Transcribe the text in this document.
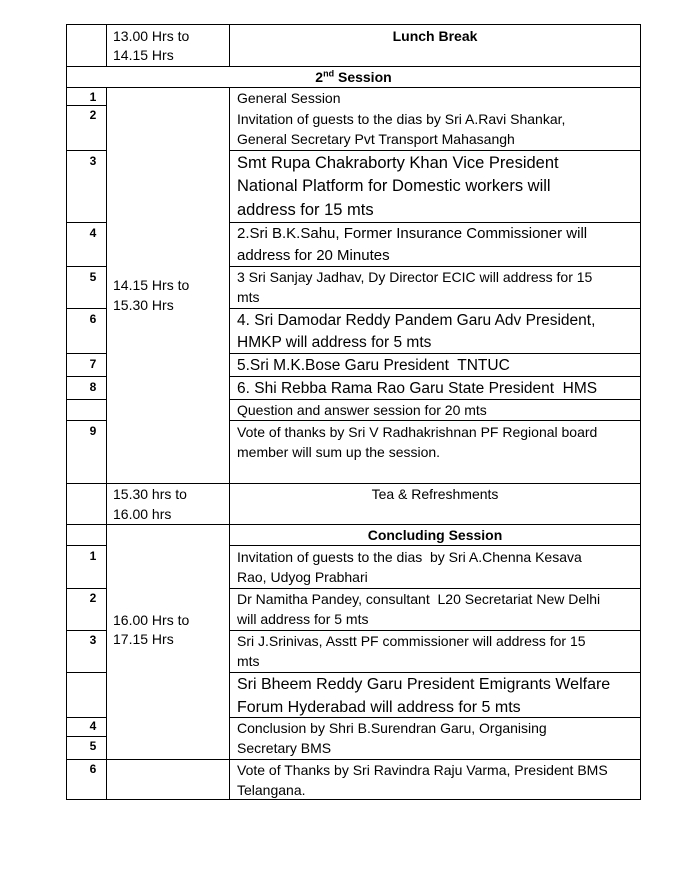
13.00 Hrs to
14.15 Hrs
Lunch Break
2nd Session
14.15 Hrs to
15.30 Hrs
1
2
3
4
5
6
7
8
9
General Session
Invitation of guests to the dias by Sri A.Ravi Shankar,
General Secretary Pvt Transport Mahasangh
Smt Rupa Chakraborty Khan Vice President
National Platform for Domestic workers will
address for 15 mts
2.Sri B.K.Sahu, Former Insurance Commissioner will
address for 20 Minutes
3 Sri Sanjay Jadhav, Dy Director ECIC will address for 15
mts
4. Sri Damodar Reddy Pandem Garu Adv President,
HMKP will address for 5 mts
5.Sri M.K.Bose Garu President  TNTUC
6. Shi Rebba Rama Rao Garu State President  HMS
Question and answer session for 20 mts
Vote of thanks by Sri V Radhakrishnan PF Regional board
member will sum up the session.
15.30 hrs to
16.00 hrs
Tea & Refreshments
Concluding Session
16.00 Hrs to
17.15 Hrs
1
2
3
4
5
6
Invitation of guests to the dias  by Sri A.Chenna Kesava
Rao, Udyog Prabhari
Dr Namitha Pandey, consultant  L20 Secretariat New Delhi
will address for 5 mts
Sri J.Srinivas, Asstt PF commissioner will address for 15
mts
Sri Bheem Reddy Garu President Emigrants Welfare
Forum Hyderabad will address for 5 mts
Conclusion by Shri B.Surendran Garu, Organising
Secretary BMS
Vote of Thanks by Sri Ravindra Raju Varma, President BMS
Telangana.
